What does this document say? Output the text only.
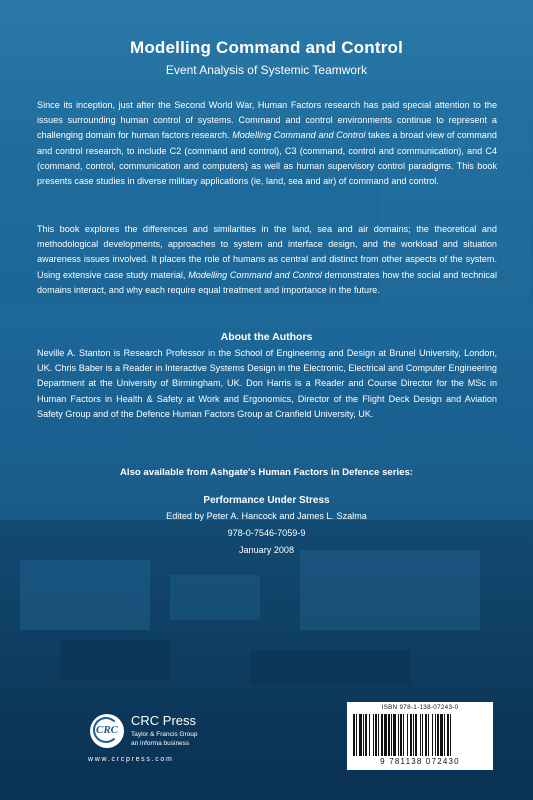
Modelling Command and Control
Event Analysis of Systemic Teamwork
Since its inception, just after the Second World War, Human Factors research has paid special attention to the issues surrounding human control of systems. Command and control environments continue to represent a challenging domain for human factors research. Modelling Command and Control takes a broad view of command and control research, to include C2 (command and control), C3 (command, control and communication), and C4 (command, control, communication and computers) as well as human supervisory control paradigms. This book presents case studies in diverse military applications (ie, land, sea and air) of command and control.
This book explores the differences and similarities in the land, sea and air domains; the theoretical and methodological developments, approaches to system and interface design, and the workload and situation awareness issues involved. It places the role of humans as central and distinct from other aspects of the system. Using extensive case study material, Modelling Command and Control demonstrates how the social and technical domains interact, and why each require equal treatment and importance in the future.
About the Authors
Neville A. Stanton is Research Professor in the School of Engineering and Design at Brunel University, London, UK. Chris Baber is a Reader in Interactive Systems Design in the Electronic, Electrical and Computer Engineering Department at the University of Birmingham, UK. Don Harris is a Reader and Course Director for the MSc in Human Factors in Health & Safety at Work and Ergonomics, Director of the Flight Deck Design and Aviation Safety Group and of the Defence Human Factors Group at Cranfield University, UK.
Also available from Ashgate's Human Factors in Defence series:
Performance Under Stress
Edited by Peter A. Hancock and James L. Szalma
978-0-7546-7059-9
January 2008
CRC
CRC Press
Taylor & Francis Group
an informa business
www.crcpress.com
ISBN 978-1-138-07243-0
9 781138 072430
